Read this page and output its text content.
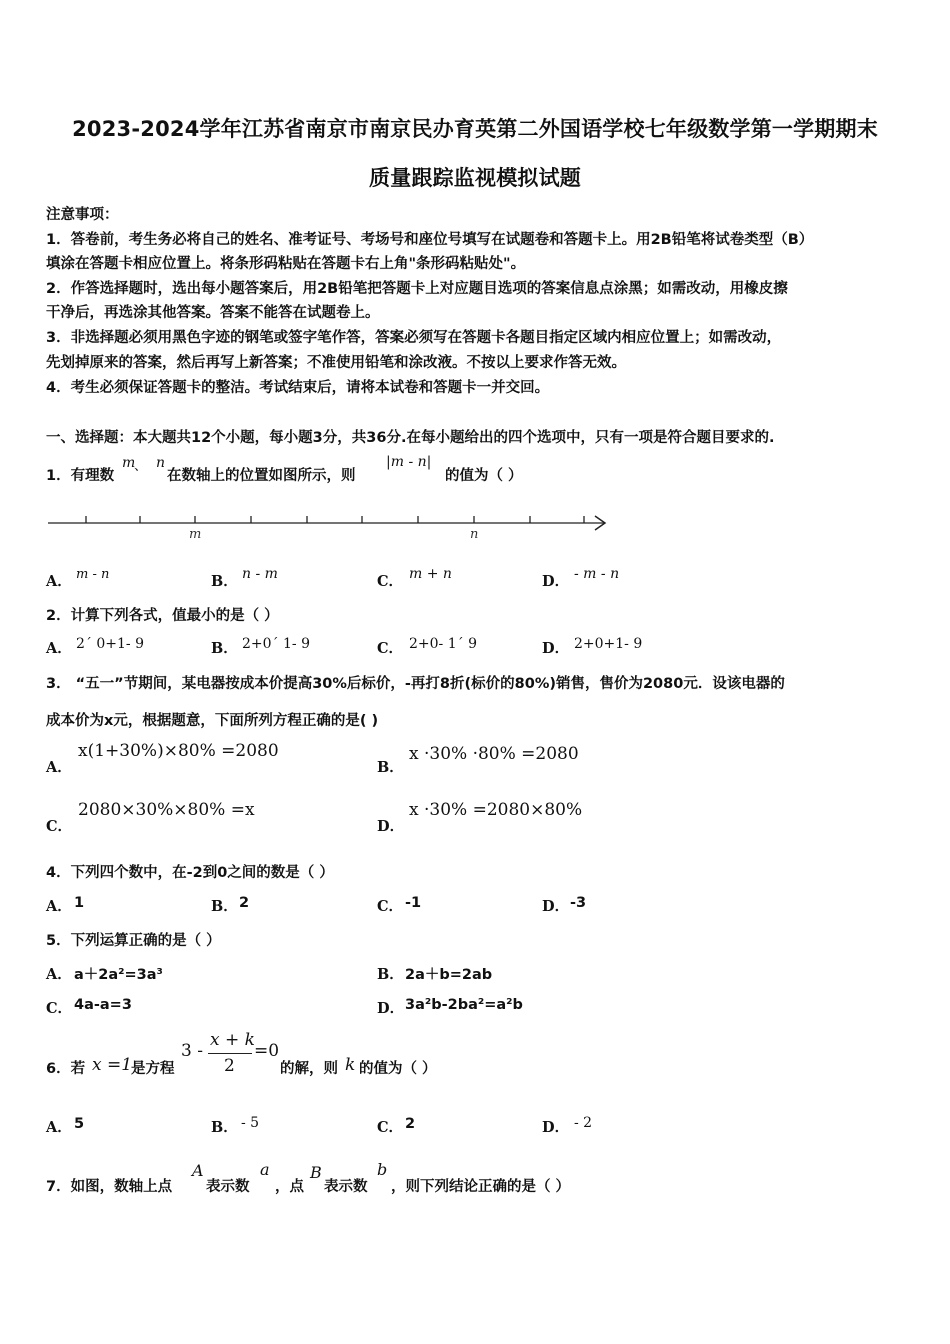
2023-2024学年江苏省南京市南京民办育英第二外国语学校七年级数学第一学期期末
质量跟踪监视模拟试题
注意事项：
1．答卷前，考生务必将自己的姓名、准考证号、考场号和座位号填写在试题卷和答题卡上。用2B铅笔将试卷类型（B）
填涂在答题卡相应位置上。将条形码粘贴在答题卡右上角"条形码粘贴处"。
2．作答选择题时，选出每小题答案后，用2B铅笔把答题卡上对应题目选项的答案信息点涂黑；如需改动，用橡皮擦
干净后，再选涂其他答案。答案不能答在试题卷上。
3．非选择题必须用黑色字迹的钢笔或签字笔作答，答案必须写在答题卡各题目指定区域内相应位置上；如需改动，
先划掉原来的答案，然后再写上新答案；不准使用铅笔和涂改液。不按以上要求作答无效。
4．考生必须保证答题卡的整洁。考试结束后，请将本试卷和答题卡一并交回。
一、选择题：本大题共12个小题，每小题3分，共36分.在每小题给出的四个选项中，只有一项是符合题目要求的.
1．有理数
m
、 n
在数轴上的位置如图所示，则
|m - n|
的值为（ ）
m	n
A． m - n	B． n - m	C． m + n	D． - m - n
2．计算下列各式，值最小的是（ ）
A． 2´ 0+1- 9	B． 2+0´ 1- 9	C． 2+0- 1´ 9	D． 2+0+1- 9
3． “五一”节期间，某电器按成本价提高30%后标价，-再打8折(标价的80%)销售，售价为2080元．设该电器的
成本价为x元，根据题意，下面所列方程正确的是( )
A．
x(1+30%)×80% =2080
B．
x ·30% ·80% =2080
C．
2080×30%×80% =x
D．
x ·30% =2080×80%
4．下列四个数中，在-2到0之间的数是（ ）
A． 1	B． 2	C． -1	D． -3
5．下列运算正确的是（ ）
A． a＋2a²=3a³	B． 2a＋b=2ab
C． 4a-a=3	D． 3a²b-2ba²=a²b
6．若 x =1
是方程
3 -
x + k
2
=0
的解，则 k 的值为（ ）
A． 5	B． - 5	C． 2	D． - 2
7．如图，数轴上点
A
表示数
a
，点
B
表示数
b
，则下列结论正确的是（ ）
